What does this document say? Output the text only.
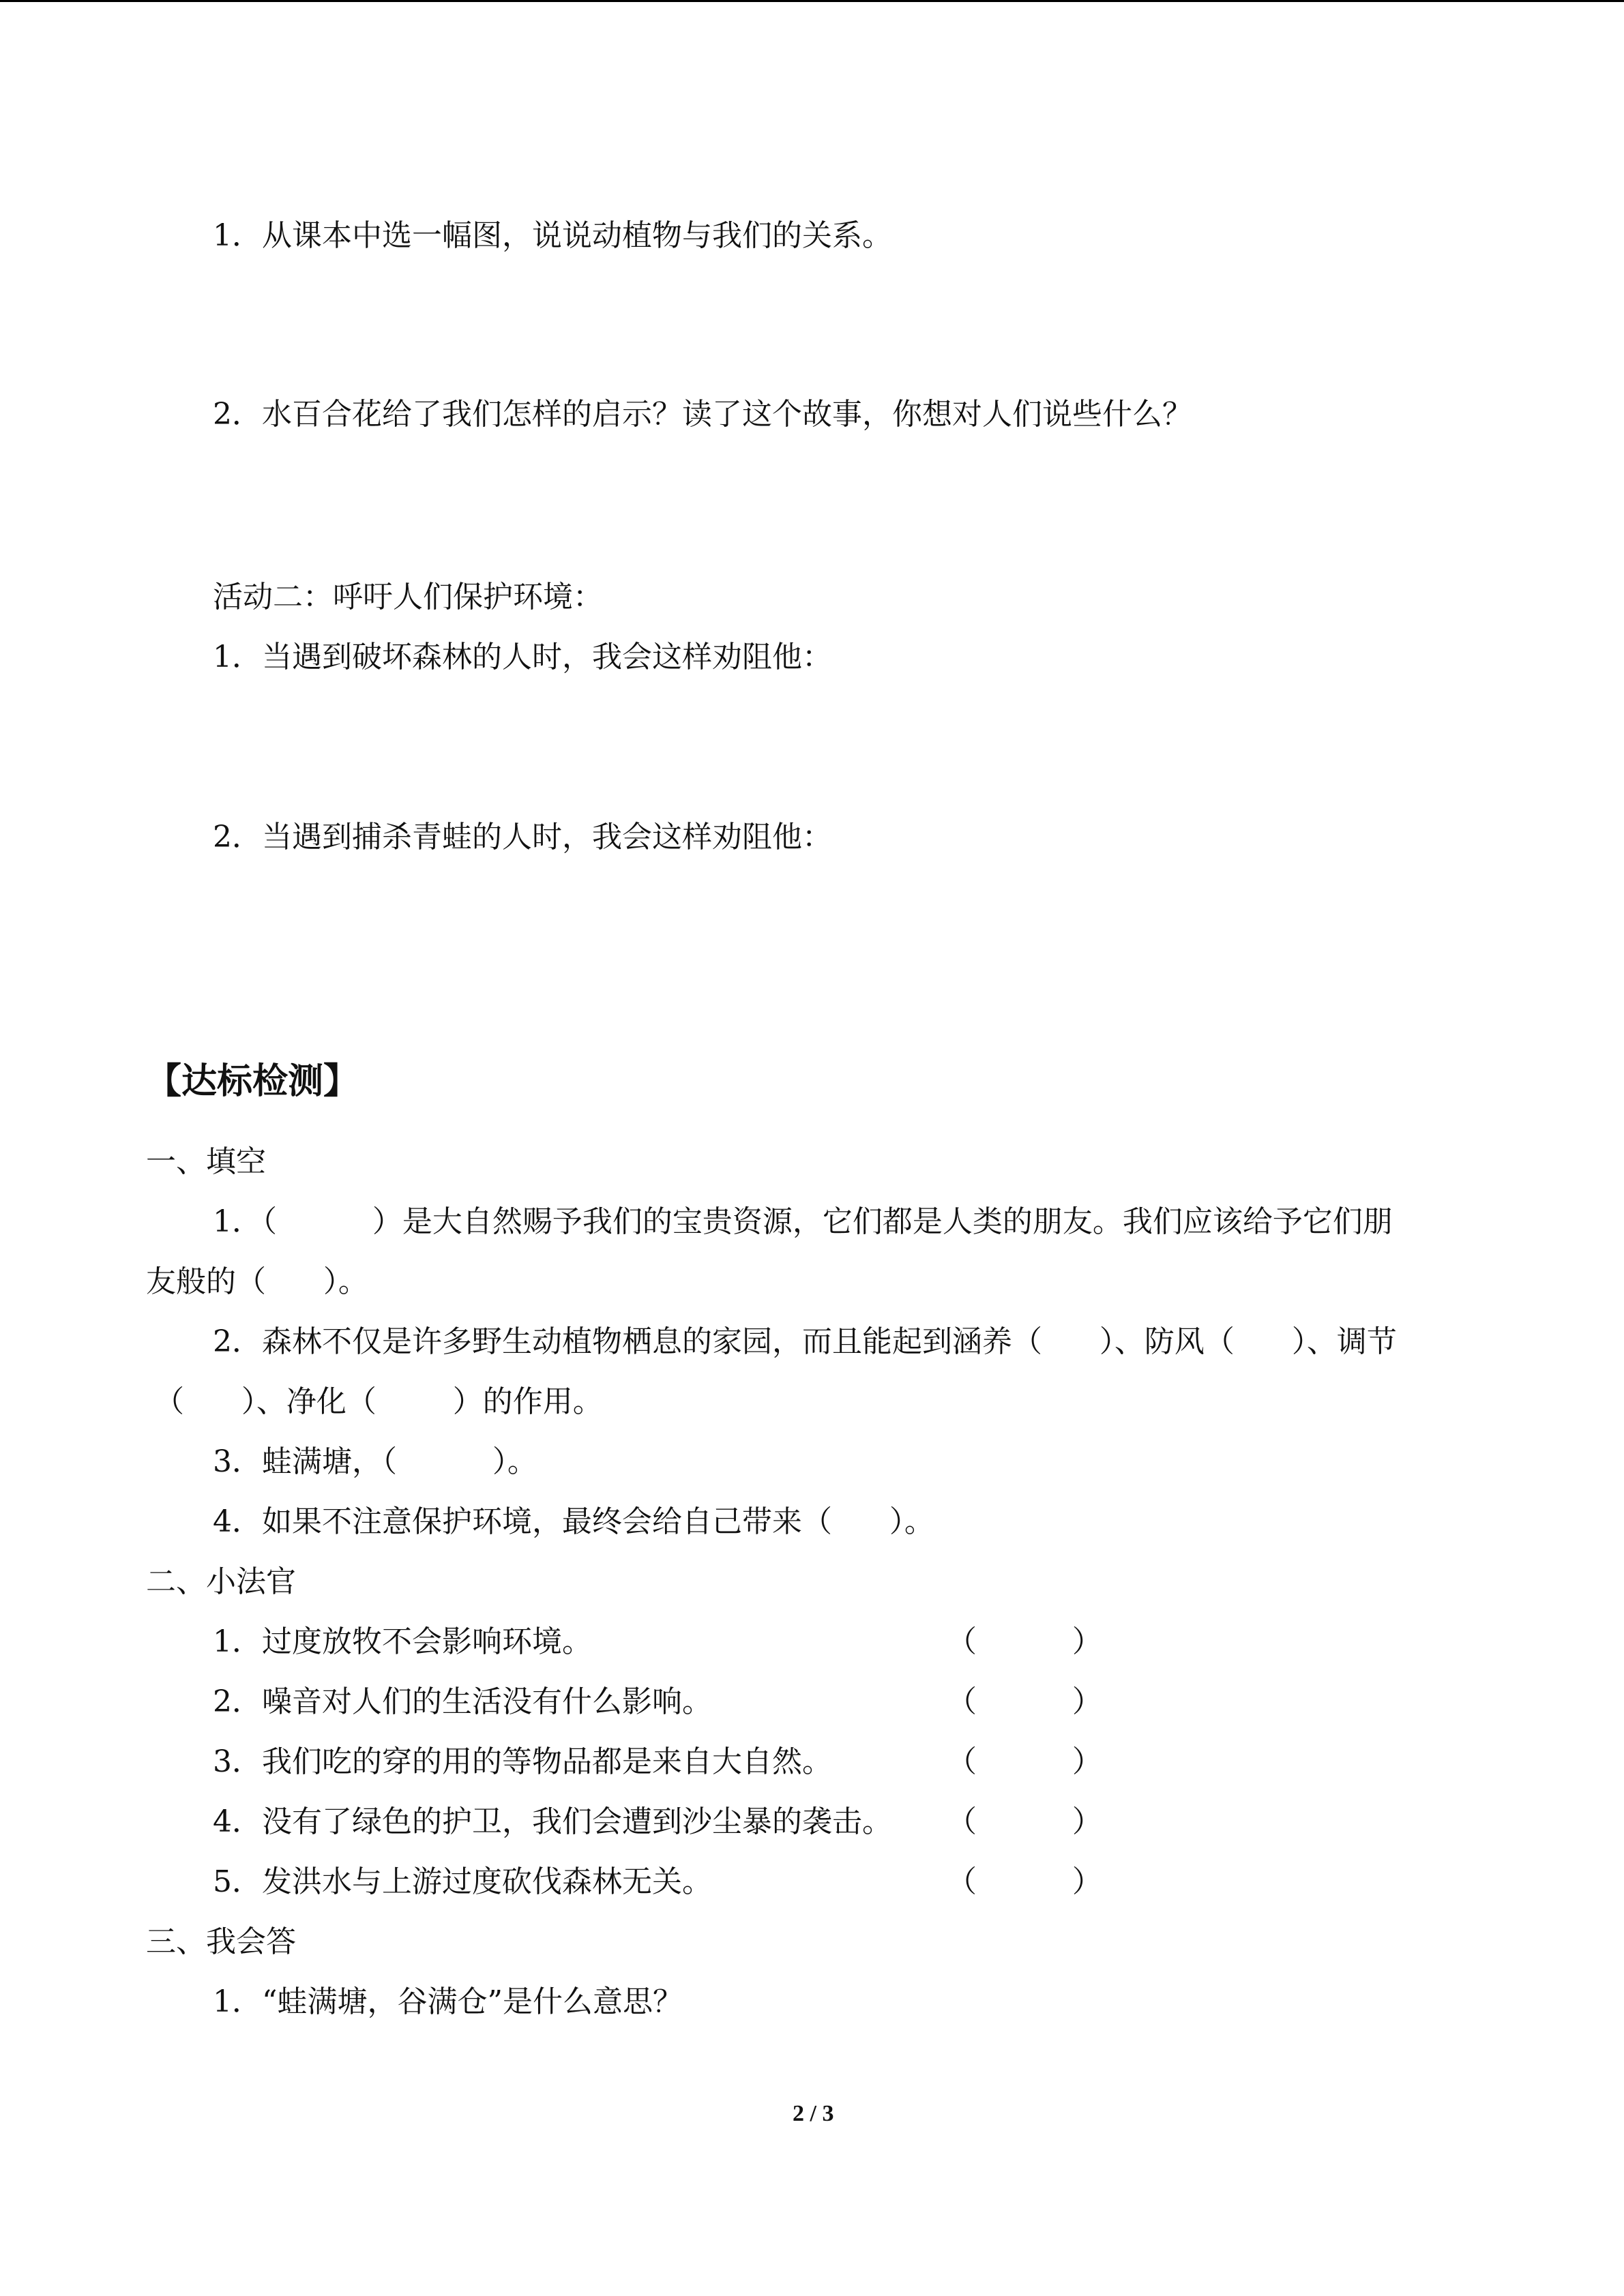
1．从课本中选一幅图，说说动植物与我们的关系。
2．水百合花给了我们怎样的启示？读了这个故事，你想对人们说些什么？
活动二：呼吁人们保护环境：
1．当遇到破坏森林的人时，我会这样劝阻他：
2．当遇到捕杀青蛙的人时，我会这样劝阻他：
【达标检测】
一、填空
1．（          ）是大自然赐予我们的宝贵资源，它们都是人类的朋友。我们应该给予它们朋
友般的（      ）。
2．森林不仅是许多野生动植物栖息的家园，而且能起到涵养（      ）、防风（      ）、调节
（      ）、净化（        ）的作用。
3．蛙满塘，（          ）。
4．如果不注意保护环境，最终会给自己带来（      ）。
二、小法官
1．过度放牧不会影响环境。	（          ）
2．噪音对人们的生活没有什么影响。	（          ）
3．我们吃的穿的用的等物品都是来自大自然。	（          ）
4．没有了绿色的护卫，我们会遭到沙尘暴的袭击。 （          ）
5．发洪水与上游过度砍伐森林无关。	（          ）
三、我会答
1．“蛙满塘，谷满仓”是什么意思？
2 / 3
